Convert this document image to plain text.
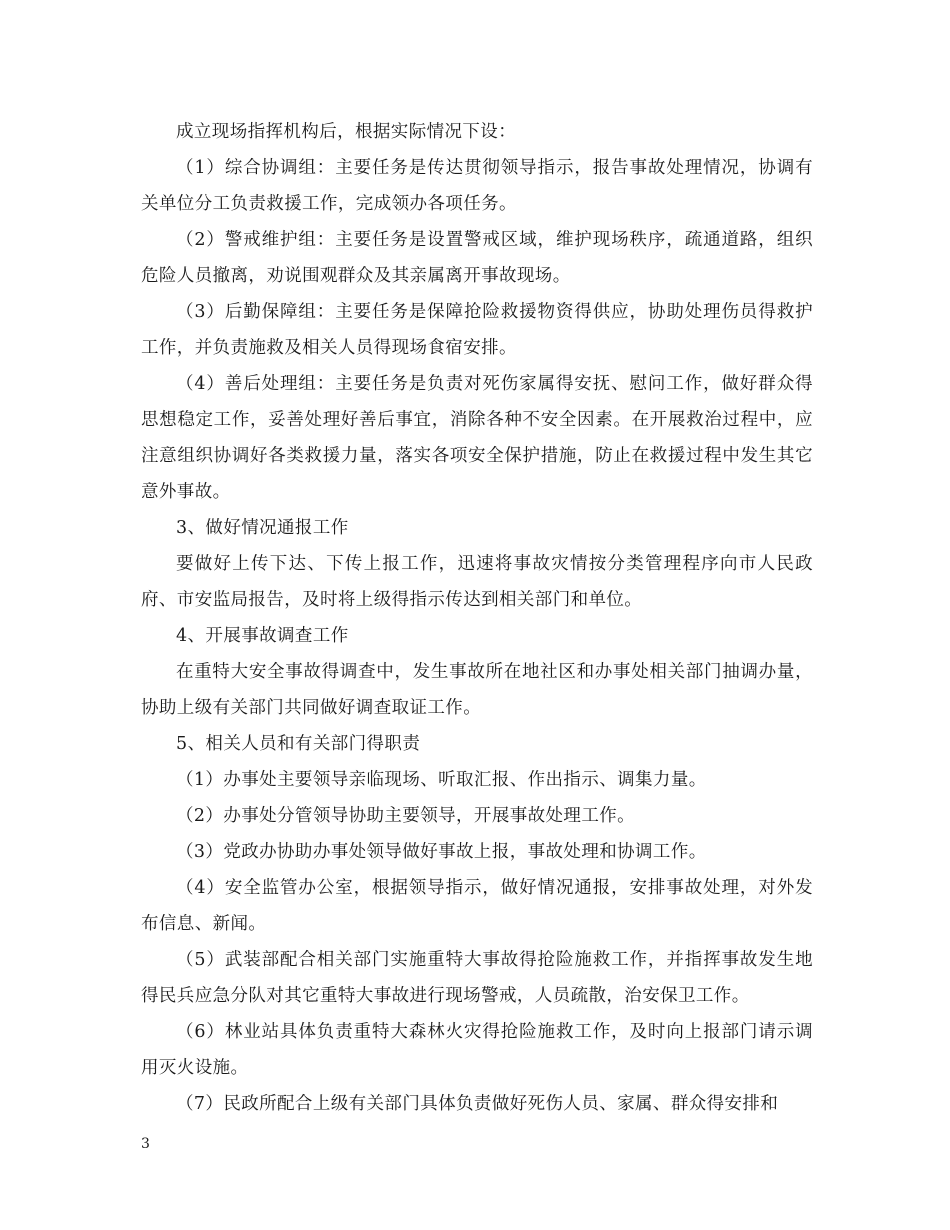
成立现场指挥机构后，根据实际情况下设：

（1）综合协调组：主要任务是传达贯彻领导指示，报告事故处理情况，协调有关单位分工负责救援工作，完成领办各项任务。

（2）警戒维护组：主要任务是设置警戒区域，维护现场秩序，疏通道路，组织危险人员撤离，劝说围观群众及其亲属离开事故现场。

（3）后勤保障组：主要任务是保障抢险救援物资得供应，协助处理伤员得救护工作，并负责施救及相关人员得现场食宿安排。

（4）善后处理组：主要任务是负责对死伤家属得安抚、慰问工作，做好群众得思想稳定工作，妥善处理好善后事宜，消除各种不安全因素。在开展救治过程中，应注意组织协调好各类救援力量，落实各项安全保护措施，防止在救援过程中发生其它意外事故。

3、做好情况通报工作

要做好上传下达、下传上报工作，迅速将事故灾情按分类管理程序向市人民政府、市安监局报告，及时将上级得指示传达到相关部门和单位。

4、开展事故调查工作

在重特大安全事故得调查中，发生事故所在地社区和办事处相关部门抽调办量，协助上级有关部门共同做好调查取证工作。

5、相关人员和有关部门得职责

（1）办事处主要领导亲临现场、听取汇报、作出指示、调集力量。

（2）办事处分管领导协助主要领导，开展事故处理工作。

（3）党政办协助办事处领导做好事故上报，事故处理和协调工作。

（4）安全监管办公室，根据领导指示，做好情况通报，安排事故处理，对外发布信息、新闻。

（5）武装部配合相关部门实施重特大事故得抢险施救工作，并指挥事故发生地得民兵应急分队对其它重特大事故进行现场警戒，人员疏散，治安保卫工作。

（6）林业站具体负责重特大森林火灾得抢险施救工作，及时向上报部门请示调用灭火设施。

（7）民政所配合上级有关部门具体负责做好死伤人员、家属、群众得安排和

3
